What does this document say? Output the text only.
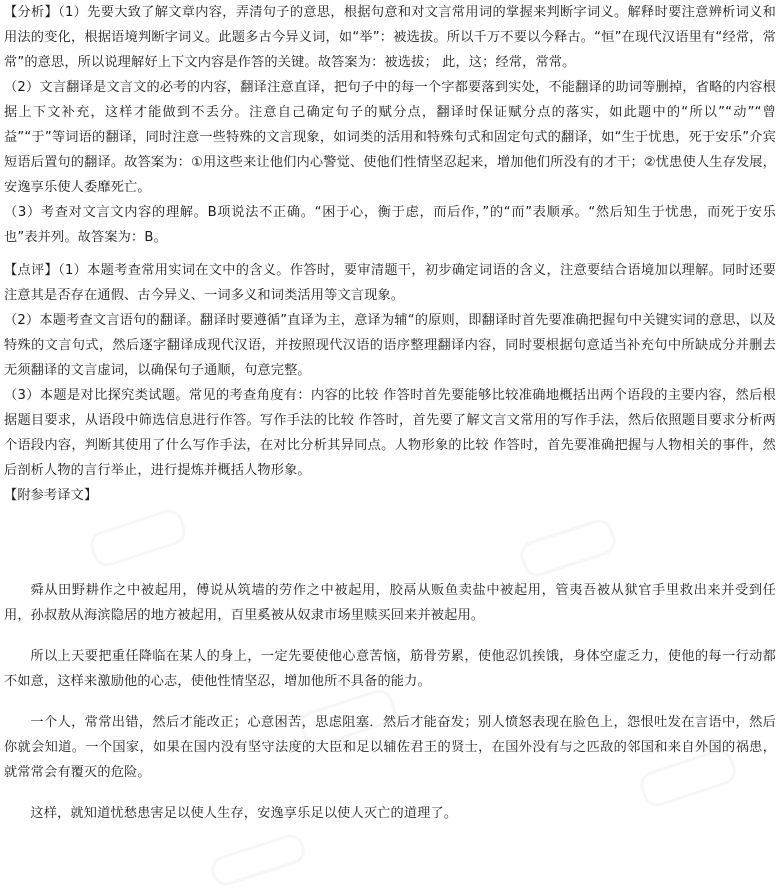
【分析】（1）先要大致了解文章内容，弄清句子的意思，根据句意和对文言常用词的掌握来判断字词义。解释时要注意辨析词义和用法的变化，根据语境判断字词义。此题多古今异义词，如“举”：被选拔。所以千万不要以今释古。“恒”在现代汉语里有“经常，常常”的意思，所以说理解好上下文内容是作答的关键。故答案为：被选拔； 此，这；经常，常常。

（2）文言翻译是文言文的必考的内容，翻译注意直译，把句子中的每一个字都要落到实处，不能翻译的助词等删掉，省略的内容根据上下文补充，这样才能做到不丢分。注意自己确定句子的赋分点，翻译时保证赋分点的落实，如此题中的“所以”“动”“曾益”“于”等词语的翻译，同时注意一些特殊的文言现象，如词类的活用和特殊句式和固定句式的翻译，如“生于忧患，死于安乐”介宾短语后置句的翻译。故答案为：①用这些来让他们内心警觉、使他们性情坚忍起来，增加他们所没有的才干；②忧患使人生存发展，安逸享乐使人委靡死亡。

（3）考查对文言文内容的理解。B项说法不正确。“困于心，衡于虑，而后作，”的“而”表顺承。“然后知生于忧患，而死于安乐也”表并列。故答案为：B。

【点评】（1）本题考查常用实词在文中的含义。作答时，要审清题干，初步确定词语的含义，注意要结合语境加以理解。同时还要注意其是否存在通假、古今异义、一词多义和词类活用等文言现象。

（2）本题考查文言语句的翻译。翻译时要遵循”直译为主，意译为辅“的原则，即翻译时首先要准确把握句中关键实词的意思，以及特殊的文言句式，然后逐字翻译成现代汉语，并按照现代汉语的语序整理翻译内容，同时要根据句意适当补充句中所缺成分并删去无须翻译的文言虚词，以确保句子通顺，句意完整。

（3）本题是对比探究类试题。常见的考查角度有：内容的比较 作答时首先要能够比较准确地概括出两个语段的主要内容，然后根据题目要求，从语段中筛选信息进行作答。写作手法的比较 作答时，首先要了解文言文常用的写作手法，然后依照题目要求分析两个语段内容，判断其使用了什么写作手法，在对比分析其异同点。人物形象的比较 作答时，首先要准确把握与人物相关的事件，然后剖析人物的言行举止，进行提炼并概括人物形象。

【附参考译文】

舜从田野耕作之中被起用，傅说从筑墙的劳作之中被起用，胶鬲从贩鱼卖盐中被起用，管夷吾被从狱官手里救出来并受到任用，孙叔敖从海滨隐居的地方被起用，百里奚被从奴隶市场里赎买回来并被起用。

所以上天要把重任降临在某人的身上，一定先要使他心意苦恼，筋骨劳累，使他忍饥挨饿，身体空虚乏力，使他的每一行动都不如意，这样来激励他的心志，使他性情坚忍，增加他所不具备的能力。

一个人，常常出错，然后才能改正；心意困苦，思虑阻塞．然后才能奋发；别人愤怒表现在脸色上，怨恨吐发在言语中，然后你就会知道。一个国家，如果在国内没有坚守法度的大臣和足以辅佐君王的贤士，在国外没有与之匹敌的邻国和来自外国的祸患，就常常会有覆灭的危险。

这样，就知道忧愁患害足以使人生存，安逸享乐足以使人灭亡的道理了。
